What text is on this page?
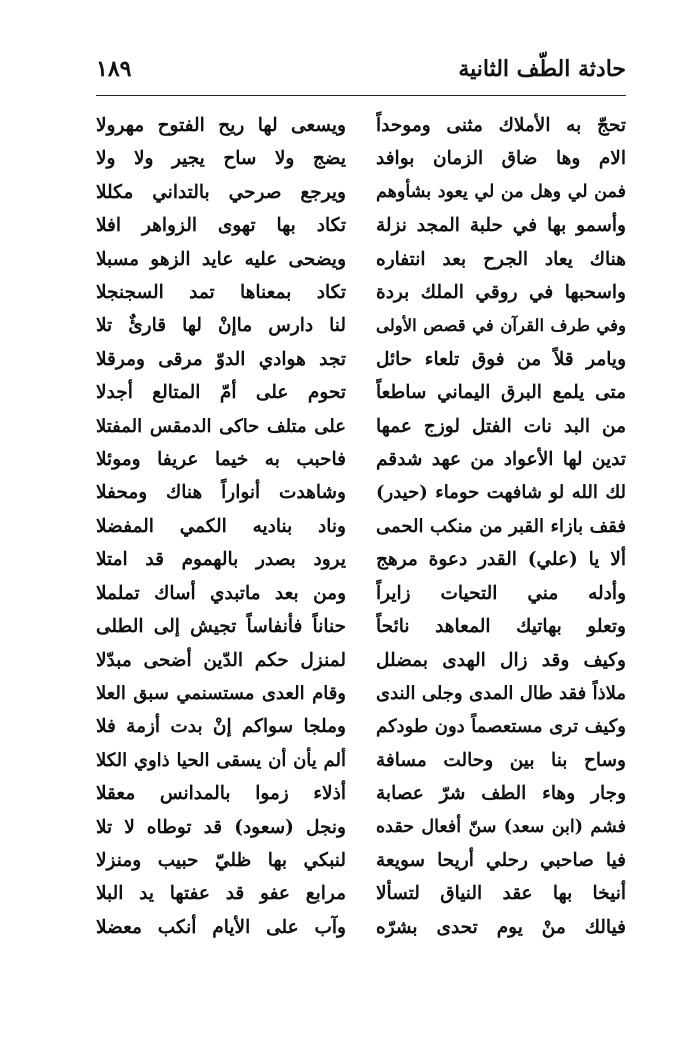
حادثة الطّف الثانية
١٨٩
تحجّ به الأملاك مثنى وموحداً
الام وها ضاق الزمان بوافد
فمن لي وهل من لي يعود بشأوهم
وأسمو بها في حلبة المجد نزلة
هناك يعاد الجرح بعد انتفاره
واسحبها في روقي الملك بردة
وفي طرف القرآن في قصص الأولى
ويامر قلاً من فوق تلعاء حائل
متى يلمع البرق اليماني ساطعاً
من البد نات الفتل لوزج عمها
تدين لها الأعواد من عهد شدقم
لك الله لو شافهت حوماء (حيدر)
فقف بازاء القبر من منكب الحمى
ألا يا (علي) القدر دعوة مرهج
وأدله مني التحيات زايراً
وتعلو بهاتيك المعاهد نائحاً
وكيف وقد زال الهدى بمضلل
ملاذاً فقد طال المدى وجلى الندى
وكيف ترى مستعصماً دون طودكم
وساح بنا بين وحالت مسافة
وجار وهاء الطف شرّ عصابة
فشم (ابن سعد) سنّ أفعال حقده
فيا صاحبي رحلي أريحا سويعة
أنيخا بها عقد النياق لتسألا
فيالك منْ يوم تحدى بشرّه
ويسعى لها ريح الفتوح مهرولا
يضج ولا ساح يجير ولا ولا
ويرجع صرحي بالتداني مكللا
تكاد بها تهوى الزواهر افلا
ويضحى عليه عايد الزهو مسبلا
تكاد بمعناها تمد السجنجلا
لنا دارس ماإنْ لها قارئٌ تلا
تجد هوادي الدوّ مرقى ومرقلا
تحوم على أمّ المتالع أجدلا
على متلف حاكى الدمقس المفتلا
فاحبب به خيما عريفا وموئلا
وشاهدت أنواراً هناك ومحفلا
وناد بناديه الكمي المفضلا
يرود بصدر بالهموم قد امتلا
ومن بعد ماتبدي أساك تململا
حناناً فأنفاساً تجيش إلى الطلى
لمنزل حكم الدّين أضحى مبدّلا
وقام العدى مستسنمي سبق العلا
وملجا سواكم إنْ بدت أزمة فلا
ألم يأن أن يسقى الحيا ذاوي الكلا
أذلاء زموا بالمدانس معقلا
ونجل (سعود) قد توطاه لا تلا
لنبكي بها ظليّ حبيب ومنزلا
مرابع عفو قد عفتها يد البلا
وآب على الأيام أنكب معضلا
